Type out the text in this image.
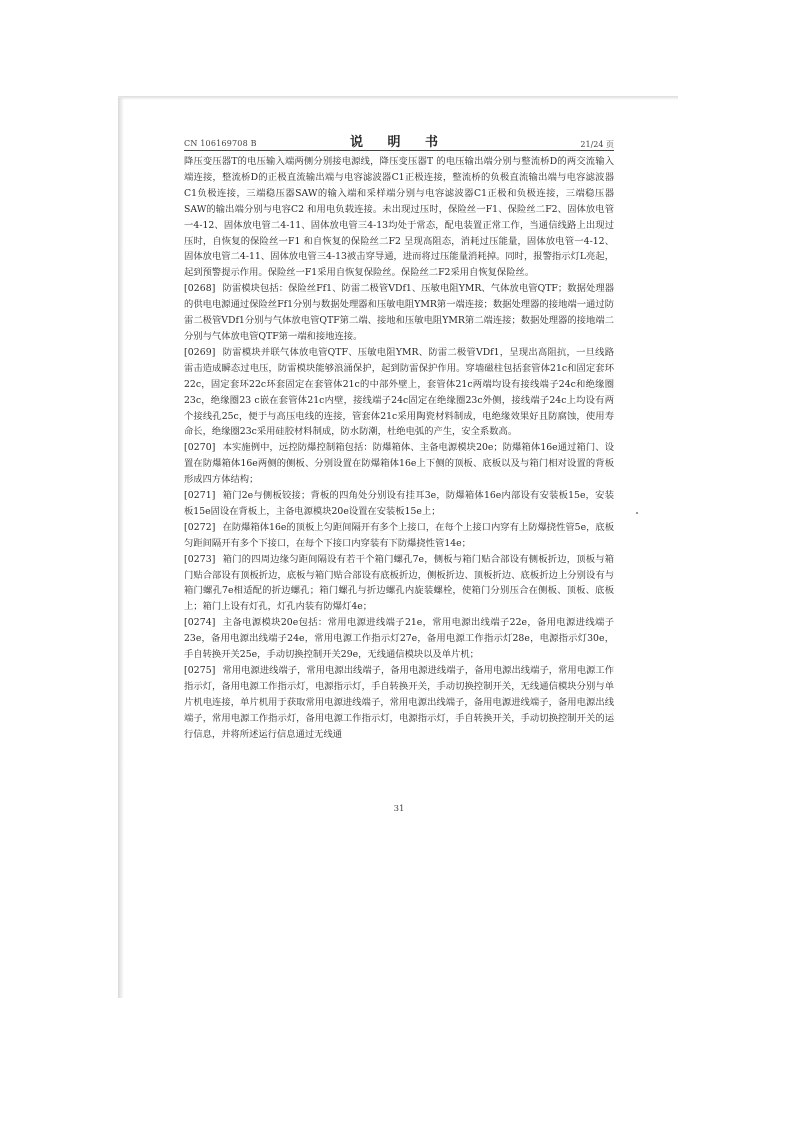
CN 106169708 B	说 明 书	21/24 页

降压变压器T的电压输入端两侧分别接电源线，降压变压器T 的电压输出端分别与整流桥D的两交流输入端连接，整流桥D的正极直流输出端与电容滤波器C1正极连接，整流桥的负极直流输出端与电容滤波器C1负极连接，三端稳压器SAW的输入端和采样端分别与电容滤波器C1正极和负极连接，三端稳压器SAW的输出端分别与电容C2 和用电负载连接。未出现过压时，保险丝一F1、保险丝二F2、固体放电管一4-12、固体放电管二4-11、固体放电管三4-13均处于常态，配电装置正常工作，当通信线路上出现过压时，自恢复的保险丝一F1 和自恢复的保险丝二F2 呈现高阻态，消耗过压能量，固体放电管一4-12、固体放电管二4-11、固体放电管三4-13被击穿导通，进而将过压能量消耗掉。同时，报警指示灯L亮起，起到预警提示作用。保险丝一F1采用自恢复保险丝。保险丝二F2采用自恢复保险丝。

[0268] 防雷模块包括：保险丝Ff1、防雷二极管VDf1、压敏电阻YMR、气体放电管QTF；数据处理器的供电电源通过保险丝Ff1分别与数据处理器和压敏电阻YMR第一端连接；数据处理器的接地端一通过防雷二极管VDf1分别与气体放电管QTF第二端、接地和压敏电阻YMR第二端连接；数据处理器的接地端二分别与气体放电管QTF第一端和接地连接。

[0269] 防雷模块并联气体放电管QTF、压敏电阻YMR、防雷二极管VDf1，呈现出高阻抗，一旦线路雷击造成瞬态过电压，防雷模块能够浪涌保护，起到防雷保护作用。穿墙磁柱包括套管体21c和固定套环22c，固定套环22c环套固定在套管体21c的中部外壁上，套管体21c两端均设有接线端子24c和绝缘圈23c，绝缘圈23 c嵌在套管体21c内壁，接线端子24c固定在绝缘圈23c外侧，接线端子24c上均设有两个接线孔25c，便于与高压电线的连接，管套体21c采用陶瓷材料制成，电绝缘效果好且防腐蚀，使用寿命长，绝缘圈23c采用硅胶材料制成，防水防潮，杜绝电弧的产生，安全系数高。

[0270] 本实施例中，远控防爆控制箱包括：防爆箱体、主备电源模块20e；防爆箱体16e通过箱门、设置在防爆箱体16e两侧的侧板、分别设置在防爆箱体16e上下侧的顶板、底板以及与箱门相对设置的背板形成四方体结构；

[0271] 箱门2e与侧板铰接；背板的四角处分别设有挂耳3e，防爆箱体16e内部设有安装板15e，安装板15e固设在背板上，主备电源模块20e设置在安装板15e上；

[0272] 在防爆箱体16e的顶板上匀距间隔开有多个上接口，在每个上接口内穿有上防爆挠性管5e，底板匀距间隔开有多个下接口，在每个下接口内穿装有下防爆挠性管14e；

[0273] 箱门的四周边缘匀距间隔设有若干个箱门螺孔7e，侧板与箱门贴合部设有侧板折边，顶板与箱门贴合部设有顶板折边，底板与箱门贴合部设有底板折边，侧板折边、顶板折边、底板折边上分别设有与箱门螺孔7e相适配的折边螺孔；箱门螺孔与折边螺孔内旋装螺栓，使箱门分别压合在侧板、顶板、底板上；箱门上设有灯孔，灯孔内装有防爆灯4e；

[0274] 主备电源模块20e包括：常用电源进线端子21e，常用电源出线端子22e，备用电源进线端子23e，备用电源出线端子24e，常用电源工作指示灯27e，备用电源工作指示灯28e，电源指示灯30e，手自转换开关25e，手动切换控制开关29e，无线通信模块以及单片机；

[0275] 常用电源进线端子，常用电源出线端子，备用电源进线端子，备用电源出线端子，常用电源工作指示灯，备用电源工作指示灯，电源指示灯，手自转换开关，手动切换控制开关，无线通信模块分别与单片机电连接，单片机用于获取常用电源进线端子，常用电源出线端子，备用电源进线端子，备用电源出线端子，常用电源工作指示灯，备用电源工作指示灯，电源指示灯，手自转换开关，手动切换控制开关的运行信息，并将所述运行信息通过无线通

31
